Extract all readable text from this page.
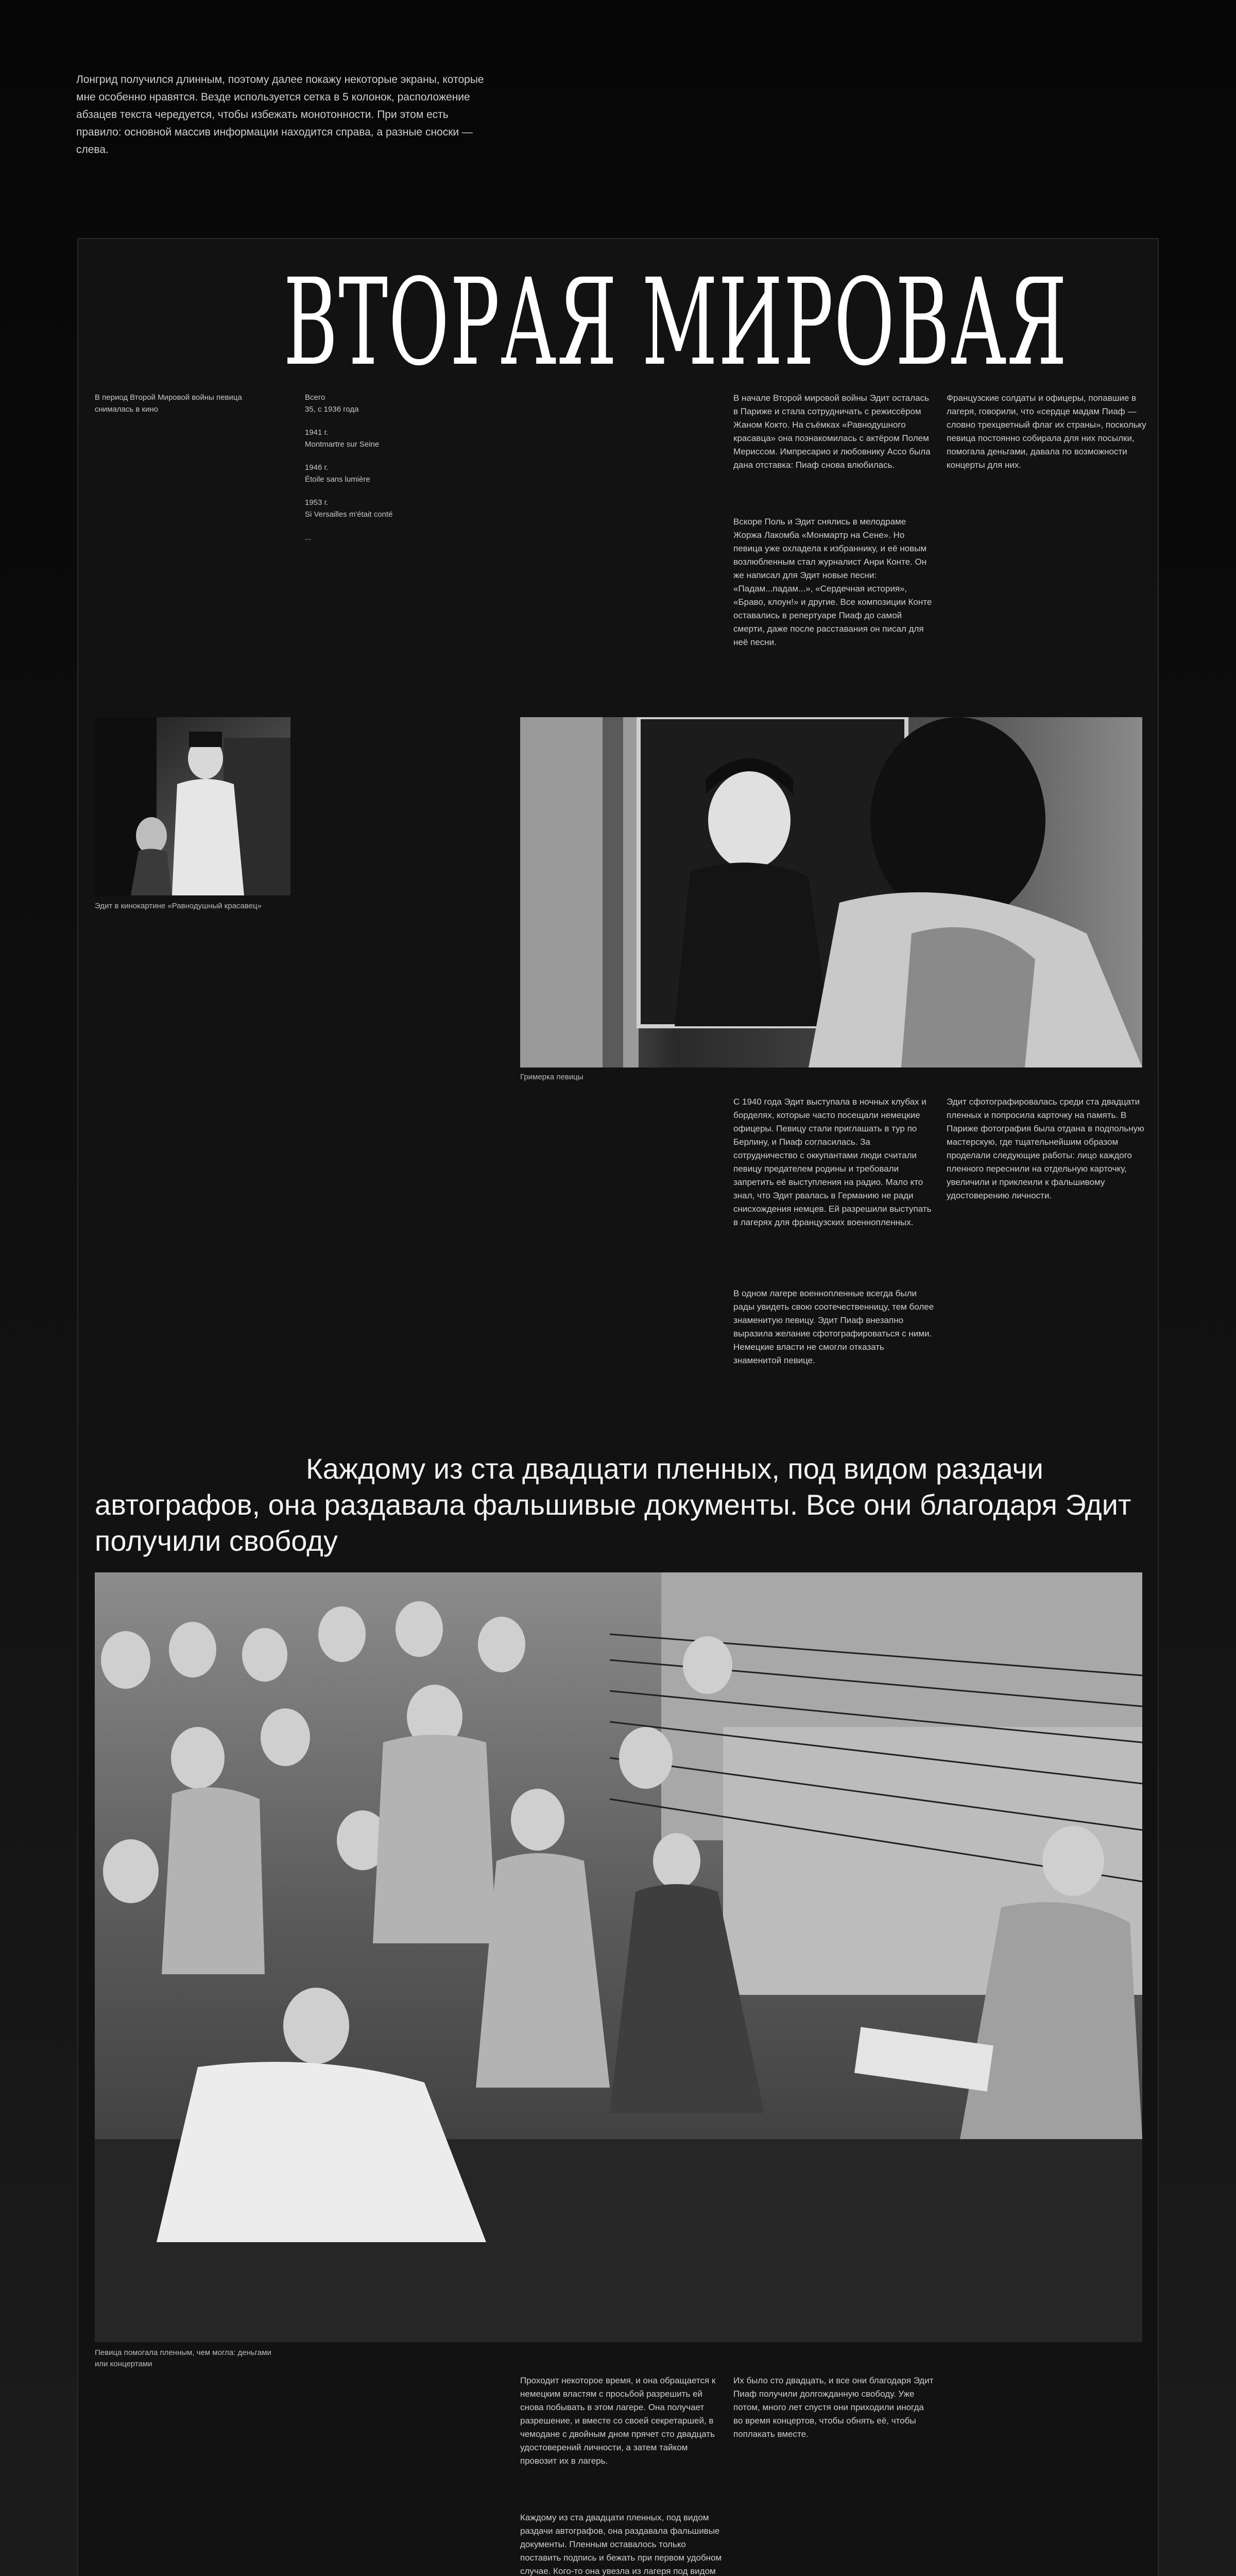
Лонгрид получился длинным, поэтому далее покажу некоторые экраны, которые мне особенно нравятся. Везде используется сетка в 5 колонок, расположение абзацев текста чередуется, чтобы избежать монотонности. При этом есть правило: основной массив информации находится справа, а разные сноски — слева.
ВТОРАЯ МИРОВАЯ
В период Второй Мировой войны певица снималась в кино
Всего
35, с 1936 года
1941 г.
Montmartre sur Seine
1946 г.
Étoile sans lumière
1953 г.
Si Versailles m'était conté
...
В начале Второй мировой войны Эдит осталась в Париже и стала сотрудничать с режиссёром Жаном Кокто. На съёмках «Равнодушного красавца» она познакомилась с актёром Полем Мериссом. Импресарио и любовнику Ассо была дана отставка: Пиаф снова влюбилась.
Вскоре Поль и Эдит снялись в мелодраме Жоржа Лакомба «Монмартр на Сене». Но певица уже охладела к избраннику, и её новым возлюбленным стал журналист Анри Конте. Он же написал для Эдит новые песни: «Падам...падам...», «Сердечная история», «Браво, клоун!» и другие. Все композиции Конте оставались в репертуаре Пиаф до самой смерти, даже после расставания он писал для неё песни.
Французские солдаты и офицеры, попавшие в лагеря, говорили, что «сердце мадам Пиаф — словно трехцветный флаг их страны», поскольку певица постоянно собирала для них посылки, помогала деньгами, давала по возможности концерты для них.
Эдит в кинокартине «Равнодушный красавец»
Гримерка певицы
С 1940 года Эдит выступала в ночных клубах и борделях, которые часто посещали немецкие офицеры. Певицу стали приглашать в тур по Берлину, и Пиаф согласилась. За сотрудничество с оккупантами люди считали певицу предателем родины и требовали запретить её выступления на радио. Мало кто знал, что Эдит рвалась в Германию не ради снисхождения немцев. Ей разрешили выступать в лагерях для французских военнопленных.
В одном лагере военнопленные всегда были рады увидеть свою соотечественницу, тем более знаменитую певицу. Эдит Пиаф внезапно выразила желание сфотографироваться с ними. Немецкие власти не смогли отказать знаменитой певице.
Эдит сфотографировалась среди ста двадцати пленных и попросила карточку на память. В Париже фотография была отдана в подпольную мастерскую, где тщательнейшим образом проделали следующие работы: лицо каждого пленного переснили на отдельную карточку, увеличили и приклеили к фальшивому удостоверению личности.
Каждому из ста двадцати пленных, под видом раздачи автографов, она раздавала фальшивые документы. Все они благодаря Эдит получили свободу
Певица помогала пленным, чем могла: деньгами или концертами
Проходит некоторое время, и она обращается к немецким властям с просьбой разрешить ей снова побывать в этом лагере. Она получает разрешение, и вместе со своей секретаршей, в чемодане с двойным дном прячет сто двадцать удостоверений личности, а затем тайком провозит их в лагерь.
Каждому из ста двадцати пленных, под видом раздачи автографов, она раздавала фальшивые документы. Пленным оставалось только поставить подпись и бежать при первом удобном случае. Кого-то она увезла из лагеря под видом
Их было сто двадцать, и все они благодаря Эдит Пиаф получили долгожданную свободу. Уже потом, много лет спустя они приходили иногда во время концертов, чтобы обнять её, чтобы поплакать вместе.
